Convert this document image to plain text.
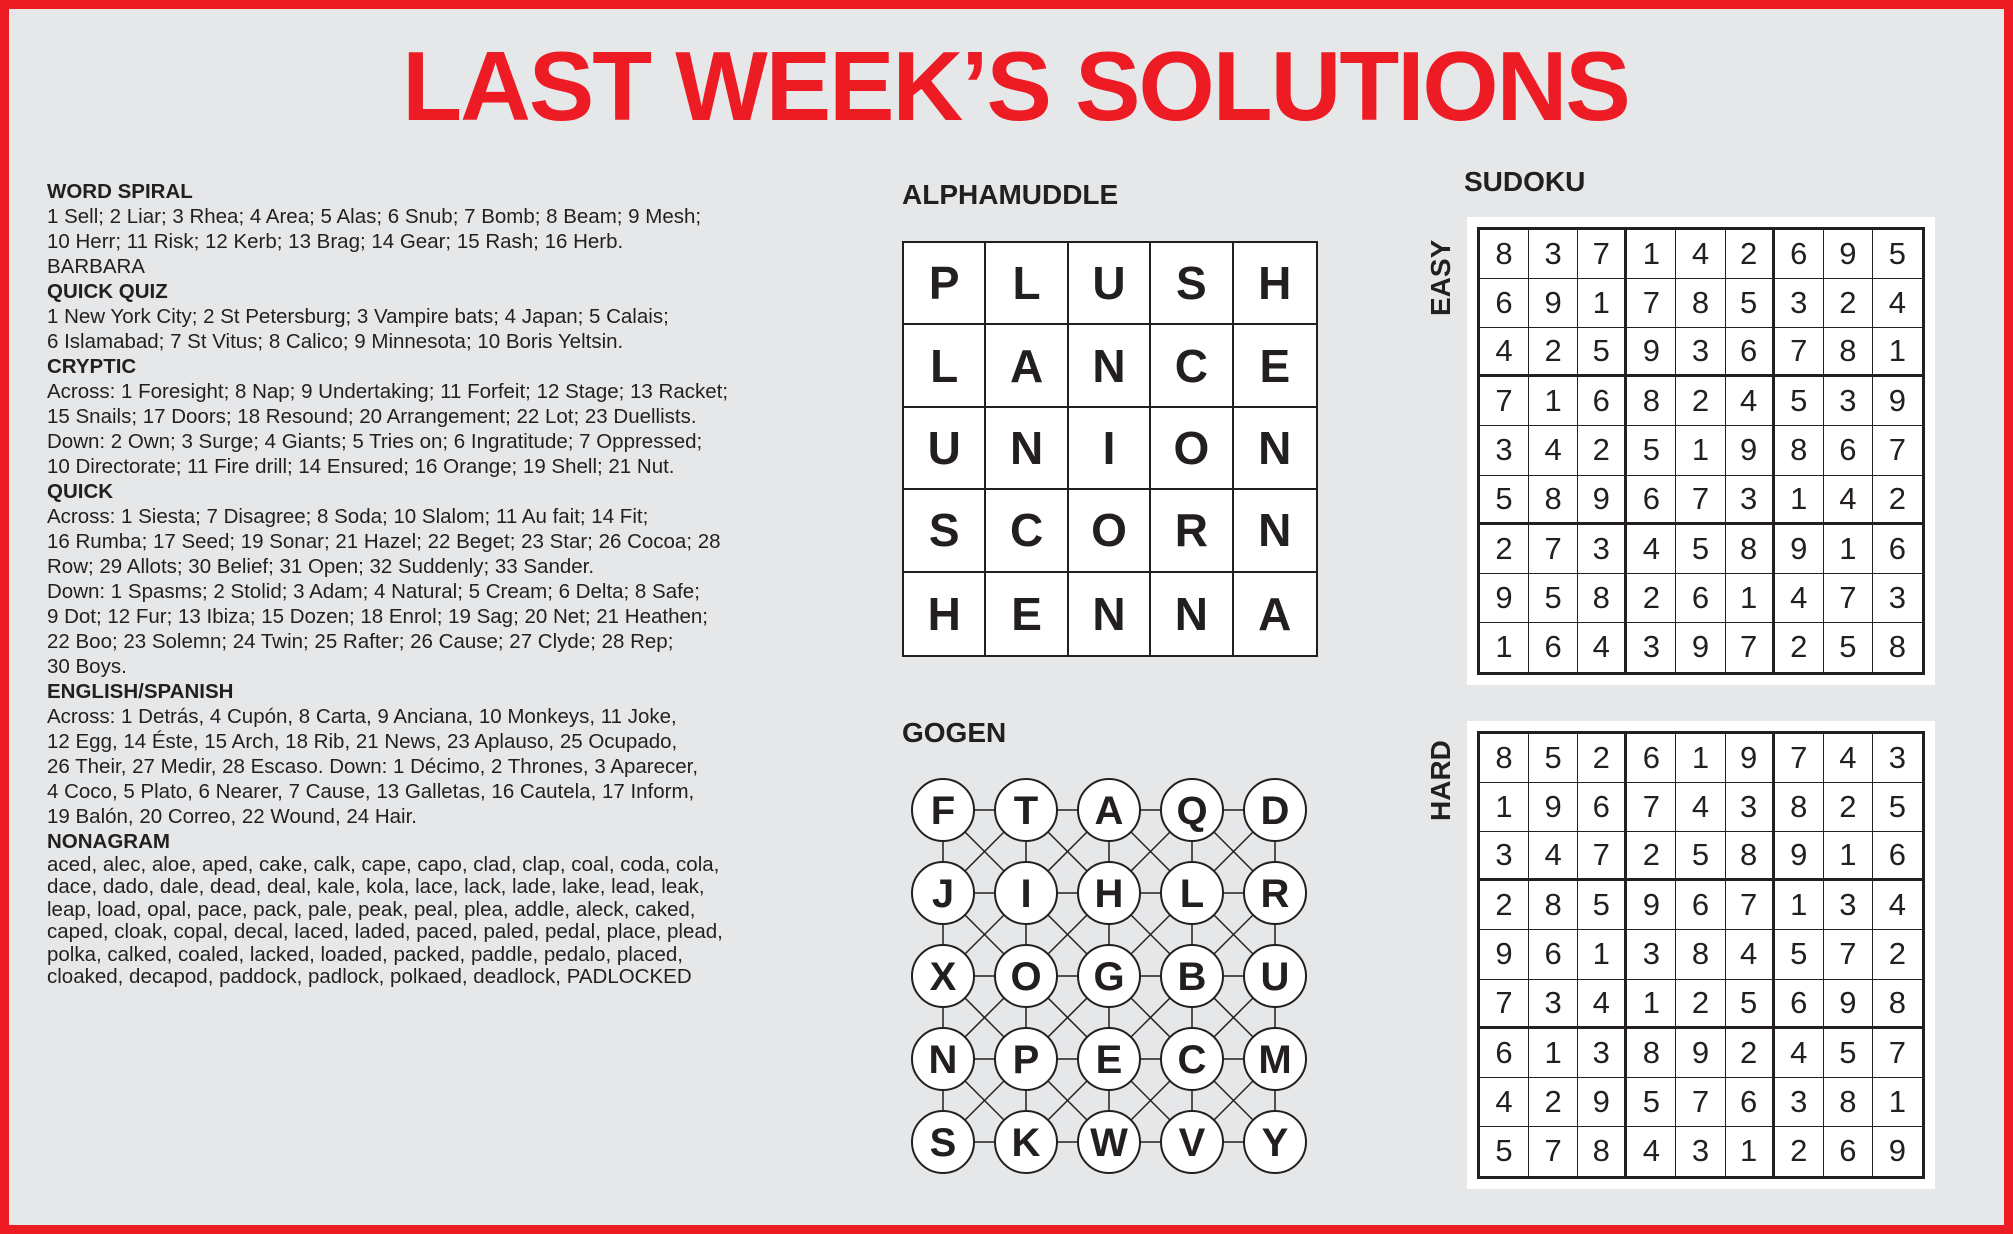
LAST WEEK’S SOLUTIONS
WORD SPIRAL
1 Sell; 2 Liar; 3 Rhea; 4 Area; 5 Alas; 6 Snub; 7 Bomb; 8 Beam; 9 Mesh;
10 Herr; 11 Risk; 12 Kerb; 13 Brag; 14 Gear; 15 Rash; 16 Herb.
BARBARA
QUICK QUIZ
1 New York City; 2 St Petersburg; 3 Vampire bats; 4 Japan; 5 Calais;
6 Islamabad; 7 St Vitus; 8 Calico; 9 Minnesota; 10 Boris Yeltsin.
CRYPTIC
Across: 1 Foresight; 8 Nap; 9 Undertaking; 11 Forfeit; 12 Stage; 13 Racket;
15 Snails; 17 Doors; 18 Resound; 20 Arrangement; 22 Lot; 23 Duellists.
Down: 2 Own; 3 Surge; 4 Giants; 5 Tries on; 6 Ingratitude; 7 Oppressed;
10 Directorate; 11 Fire drill; 14 Ensured; 16 Orange; 19 Shell; 21 Nut.
QUICK
Across: 1 Siesta; 7 Disagree; 8 Soda; 10 Slalom; 11 Au fait; 14 Fit;
16 Rumba; 17 Seed; 19 Sonar; 21 Hazel; 22 Beget; 23 Star; 26 Cocoa; 28
Row; 29 Allots; 30 Belief; 31 Open; 32 Suddenly; 33 Sander.
Down: 1 Spasms; 2 Stolid; 3 Adam; 4 Natural; 5 Cream; 6 Delta; 8 Safe;
9 Dot; 12 Fur; 13 Ibiza; 15 Dozen; 18 Enrol; 19 Sag; 20 Net; 21 Heathen;
22 Boo; 23 Solemn; 24 Twin; 25 Rafter; 26 Cause; 27 Clyde; 28 Rep;
30 Boys.
ENGLISH/SPANISH
Across: 1 Detrás, 4 Cupón, 8 Carta, 9 Anciana, 10 Monkeys, 11 Joke,
12 Egg, 14 Éste, 15 Arch, 18 Rib, 21 News, 23 Aplauso, 25 Ocupado,
26 Their, 27 Medir, 28 Escaso. Down: 1 Décimo, 2 Thrones, 3 Aparecer,
4 Coco, 5 Plato, 6 Nearer, 7 Cause, 13 Galletas, 16 Cautela, 17 Inform,
19 Balón, 20 Correo, 22 Wound, 24 Hair.
NONAGRAM
aced, alec, aloe, aped, cake, calk, cape, capo, clad, clap, coal, coda, cola,
dace, dado, dale, dead, deal, kale, kola, lace, lack, lade, lake, lead, leak,
leap, load, opal, pace, pack, pale, peak, peal, plea, addle, aleck, caked,
caped, cloak, copal, decal, laced, laded, paced, paled, pedal, place, plead,
polka, calked, coaled, lacked, loaded, packed, paddle, pedalo, placed,
cloaked, decapod, paddock, padlock, polkaed, deadlock, PADLOCKED
ALPHAMUDDLE
P	L	U	S	H
L	A	N	C	E
U	N	I	O	N
S	C	O	R	N
H	E	N	N	A
GOGEN
F T A Q D
J I H L R
X O G B U
N P E C M
S K W V Y
SUDOKU
EASY	8	3 7	1	4 2	6	9	5
6	9 1	7	8 5	3	2	4
4	2 5	9	3 6	7	8	1
7	1 6	8	2 4	5	3	9
3	4 2	5	1 9	8	6	7
5	8 9	6	7 3	1	4	2
2	7 3	4	5 8	9	1	6
9	5 8	2	6 1	4	7	3
1	6 4	3	9 7	2	5	8
HARD	8	5 2	6	1 9	7	4	3
1	9 6	7	4 3	8	2	5
3	4 7	2	5 8	9	1	6
2	8 5	9	6 7	1	3	4
9	6 1	3	8 4	5	7	2
7	3 4	1	2 5	6	9	8
6	1 3	8	9 2	4	5	7
4	2 9	5	7 6	3	8	1
5	7 8	4	3 1	2	6	9
